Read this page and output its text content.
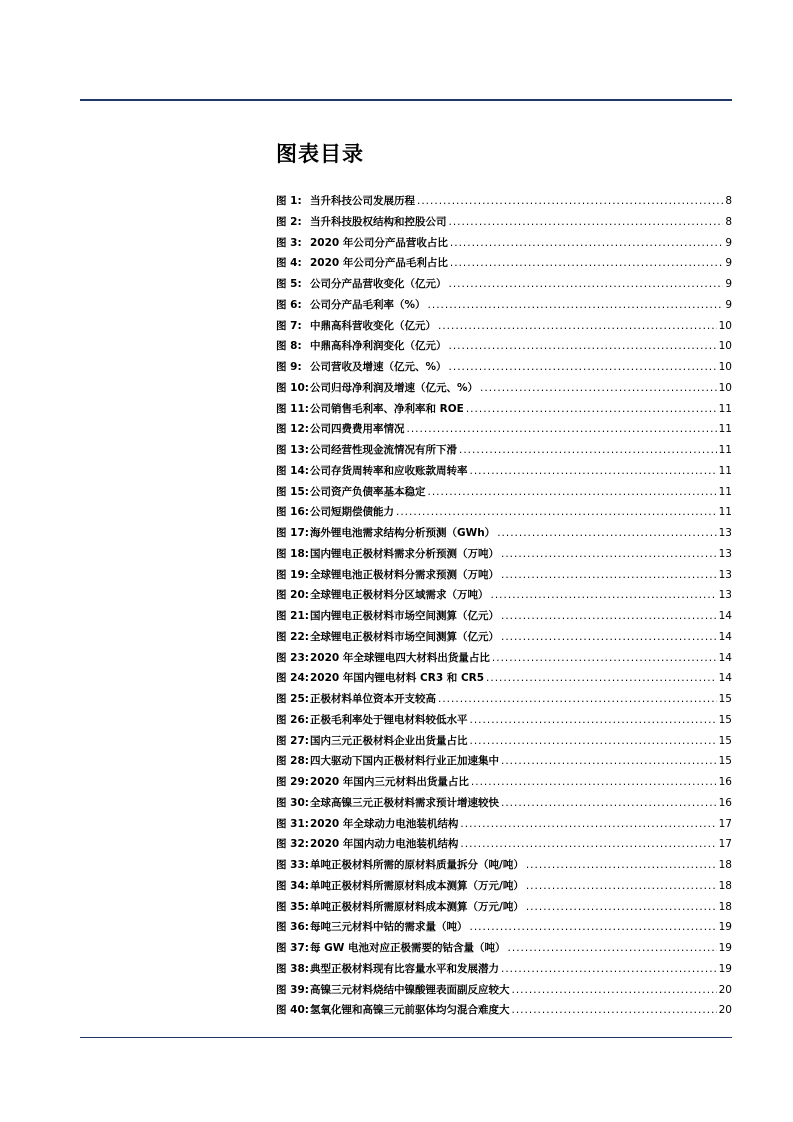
图表目录
图 1: 当升科技公司发展历程 .....	8
图 2: 当升科技股权结构和控股公司 .....	8
图 3: 2020 年公司分产品营收占比 .....	9
图 4: 2020 年公司分产品毛利占比 .....	9
图 5: 公司分产品营收变化（亿元） .....	9
图 6: 公司分产品毛利率（%） .....	9
图 7: 中鼎高科营收变化（亿元） .....	10
图 8: 中鼎高科净利润变化（亿元） .....	10
图 9: 公司营收及增速（亿元、%） .....	10
图 10: 公司归母净利润及增速（亿元、%） .....	10
图 11: 公司销售毛利率、净利率和 ROE .....	11
图 12: 公司四费费用率情况 .....	11
图 13: 公司经营性现金流情况有所下滑 .....	11
图 14: 公司存货周转率和应收账款周转率 .....	11
图 15: 公司资产负债率基本稳定 .....	11
图 16: 公司短期偿债能力 .....	11
图 17: 海外锂电池需求结构分析预测（GWh） .....	13
图 18: 国内锂电正极材料需求分析预测（万吨） .....	13
图 19: 全球锂电池正极材料分需求预测（万吨） .....	13
图 20: 全球锂电正极材料分区域需求（万吨） .....	13
图 21: 国内锂电正极材料市场空间测算（亿元） .....	14
图 22: 全球锂电正极材料市场空间测算（亿元） .....	14
图 23: 2020 年全球锂电四大材料出货量占比 .....	14
图 24: 2020 年国内锂电材料 CR3 和 CR5 .....	14
图 25: 正极材料单位资本开支较高 .....	15
图 26: 正极毛利率处于锂电材料较低水平 .....	15
图 27: 国内三元正极材料企业出货量占比 .....	15
图 28: 四大驱动下国内正极材料行业正加速集中 .....	15
图 29: 2020 年国内三元材料出货量占比 .....	16
图 30: 全球高镍三元正极材料需求预计增速较快 .....	16
图 31: 2020 年全球动力电池装机结构 .....	17
图 32: 2020 年国内动力电池装机结构 .....	17
图 33: 单吨正极材料所需的原材料质量拆分（吨/吨） .....	18
图 34: 单吨正极材料所需原材料成本测算（万元/吨） .....	18
图 35: 单吨正极材料所需原材料成本测算（万元/吨） .....	18
图 36: 每吨三元材料中钴的需求量（吨） .....	19
图 37: 每 GW 电池对应正极需要的钴含量（吨） .....	19
图 38: 典型正极材料现有比容量水平和发展潜力 .....	19
图 39: 高镍三元材料烧结中镍酸锂表面副反应较大 .....	20
图 40: 氢氧化锂和高镍三元前驱体均匀混合难度大 .....	20
